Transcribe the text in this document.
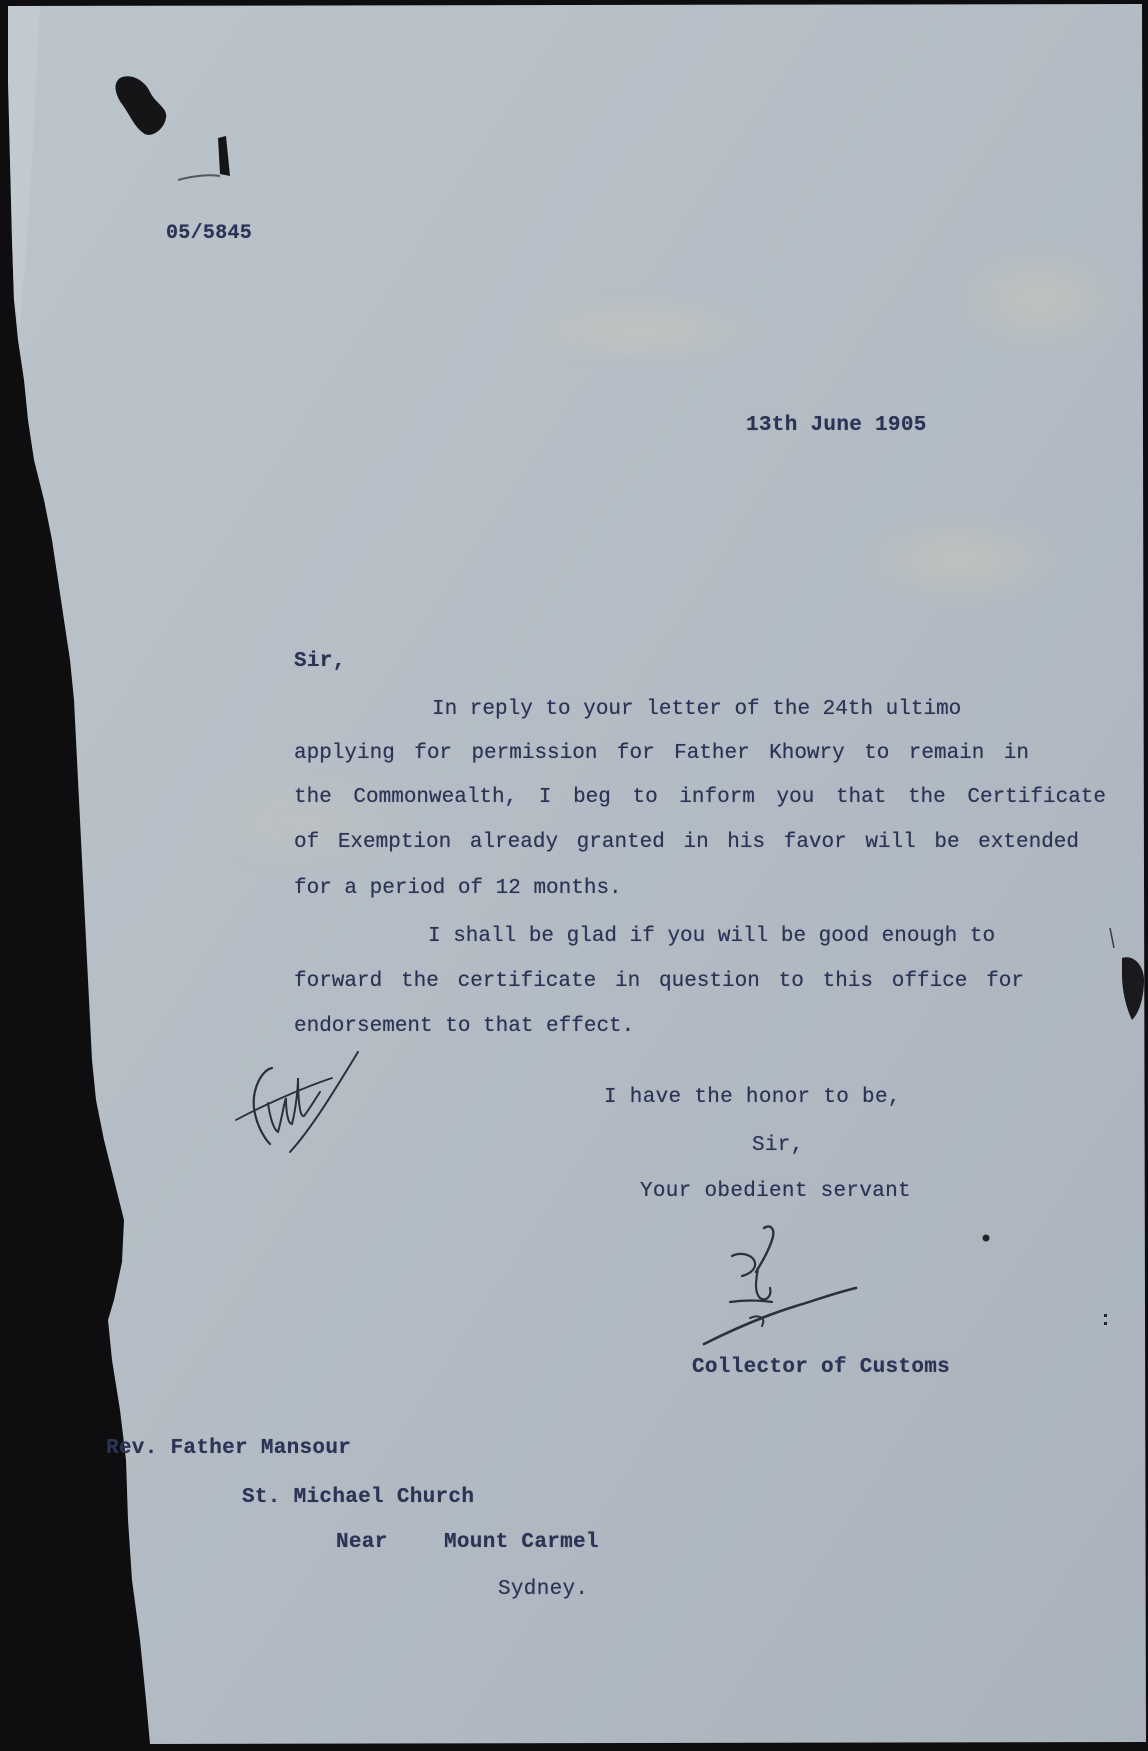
05/5845

13th June 1905

Sir,

In reply to your letter of the 24th ultimo

applying for permission for Father Khowry to remain in

the Commonwealth, I beg to inform you that the Certificate

of Exemption already granted in his favor will be extended

for a period of 12 months.

I shall be glad if you will be good enough to

forward the certificate in question to this office for

endorsement to that effect.

I have the honor to be,

Sir,

Your obedient servant

Collector of Customs

Rev. Father Mansour

St. Michael Church

Near	Mount Carmel

Sydney.
